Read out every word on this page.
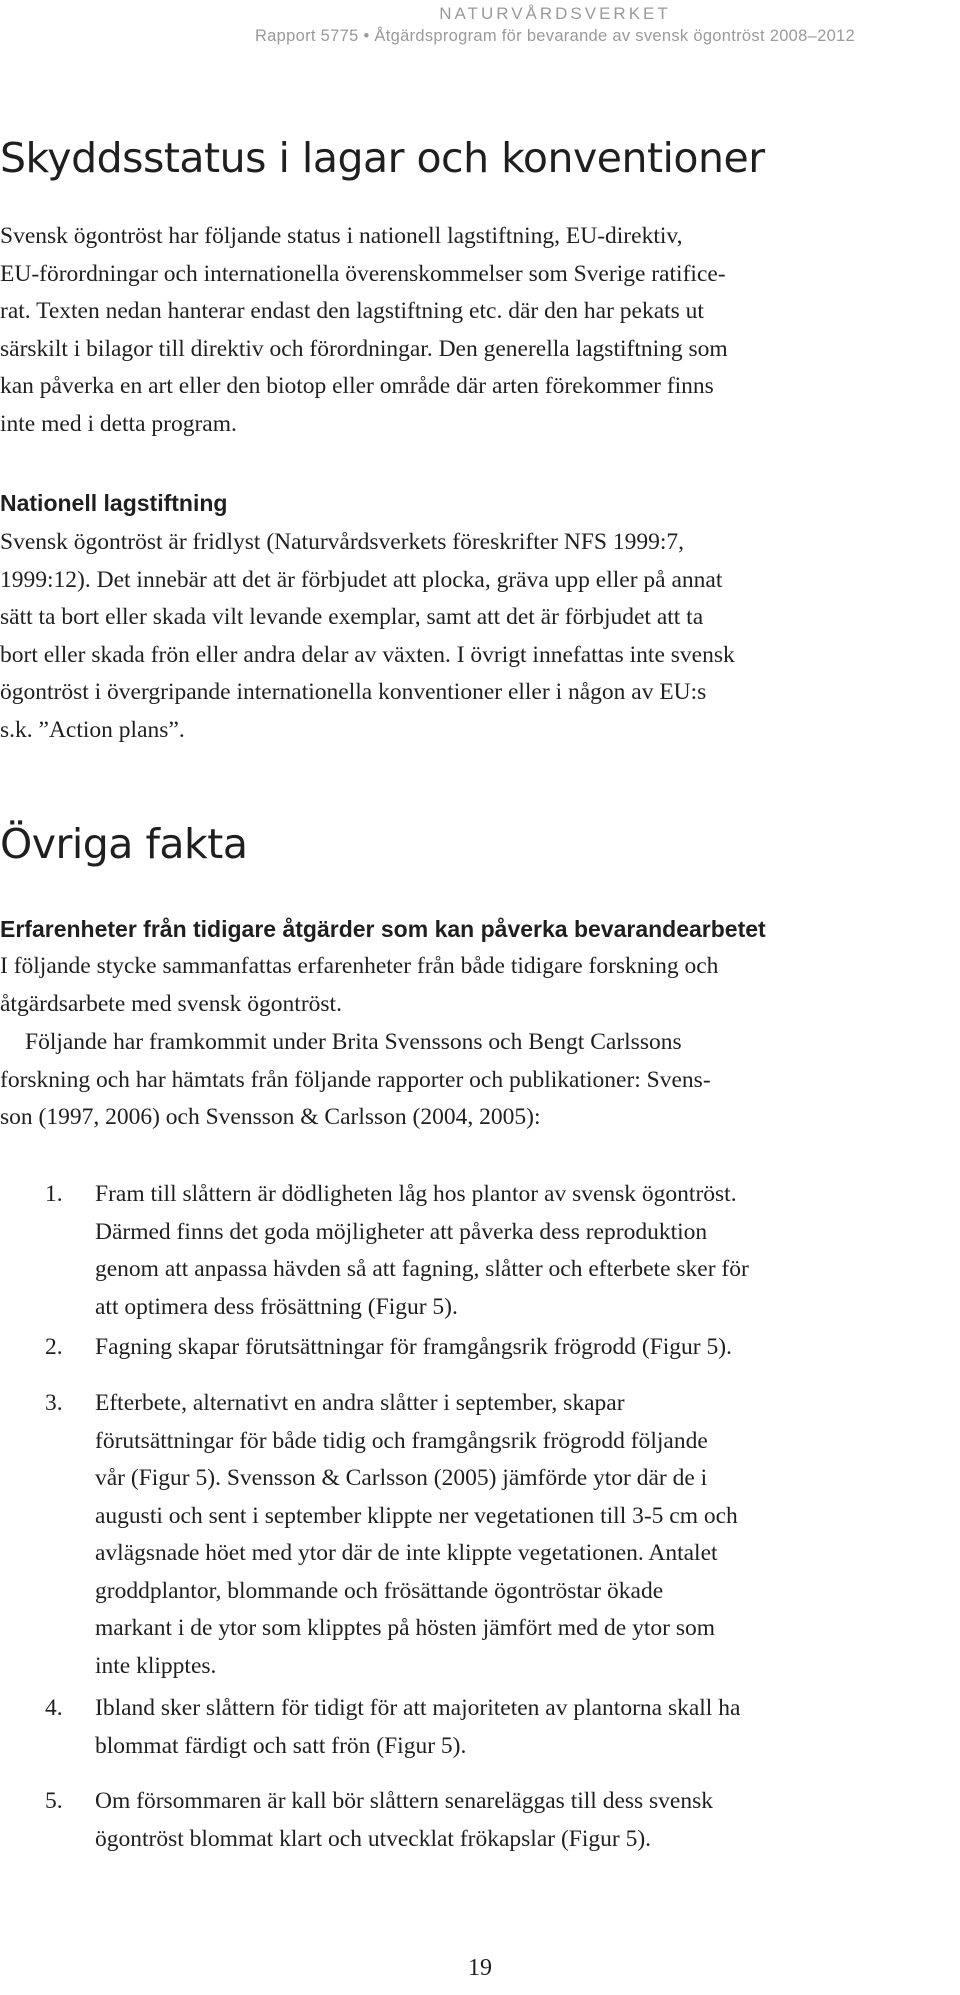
NATURVÅRDSVERKET
Rapport 5775 • Åtgärdsprogram för bevarande av svensk ögontröst 2008–2012
Skyddsstatus i lagar och konventioner
Svensk ögontröst har följande status i nationell lagstiftning, EU-direktiv,
EU-förordningar och internationella överenskommelser som Sverige ratifice-
rat. Texten nedan hanterar endast den lagstiftning etc. där den har pekats ut
särskilt i bilagor till direktiv och förordningar. Den generella lagstiftning som
kan påverka en art eller den biotop eller område där arten förekommer finns
inte med i detta program.
Nationell lagstiftning
Svensk ögontröst är fridlyst (Naturvårdsverkets föreskrifter NFS 1999:7,
1999:12). Det innebär att det är förbjudet att plocka, gräva upp eller på annat
sätt ta bort eller skada vilt levande exemplar, samt att det är förbjudet att ta
bort eller skada frön eller andra delar av växten. I övrigt innefattas inte svensk
ögontröst i övergripande internationella konventioner eller i någon av EU:s
s.k. ”Action plans”.
Övriga fakta
Erfarenheter från tidigare åtgärder som kan påverka bevarandearbetet
I följande stycke sammanfattas erfarenheter från både tidigare forskning och
åtgärdsarbete med svensk ögontröst.
Följande har framkommit under Brita Svenssons och Bengt Carlssons
forskning och har hämtats från följande rapporter och publikationer: Svens-
son (1997, 2006) och Svensson & Carlsson (2004, 2005):
1. Fram till slåttern är dödligheten låg hos plantor av svensk ögontröst.
Därmed finns det goda möjligheter att påverka dess reproduktion
genom att anpassa hävden så att fagning, slåtter och efterbete sker för
att optimera dess frösättning (Figur 5).
2. Fagning skapar förutsättningar för framgångsrik frögrodd (Figur 5).
3. Efterbete, alternativt en andra slåtter i september, skapar
förutsättningar för både tidig och framgångsrik frögrodd följande
vår (Figur 5). Svensson & Carlsson (2005) jämförde ytor där de i
augusti och sent i september klippte ner vegetationen till 3-5 cm och
avlägsnade höet med ytor där de inte klippte vegetationen. Antalet
groddplantor, blommande och frösättande ögontröstar ökade
markant i de ytor som klipptes på hösten jämfört med de ytor som
inte klipptes.
4. Ibland sker slåttern för tidigt för att majoriteten av plantorna skall ha
blommat färdigt och satt frön (Figur 5).
5. Om försommaren är kall bör slåttern senareläggas till dess svensk
ögontröst blommat klart och utvecklat frökapslar (Figur 5).
19
